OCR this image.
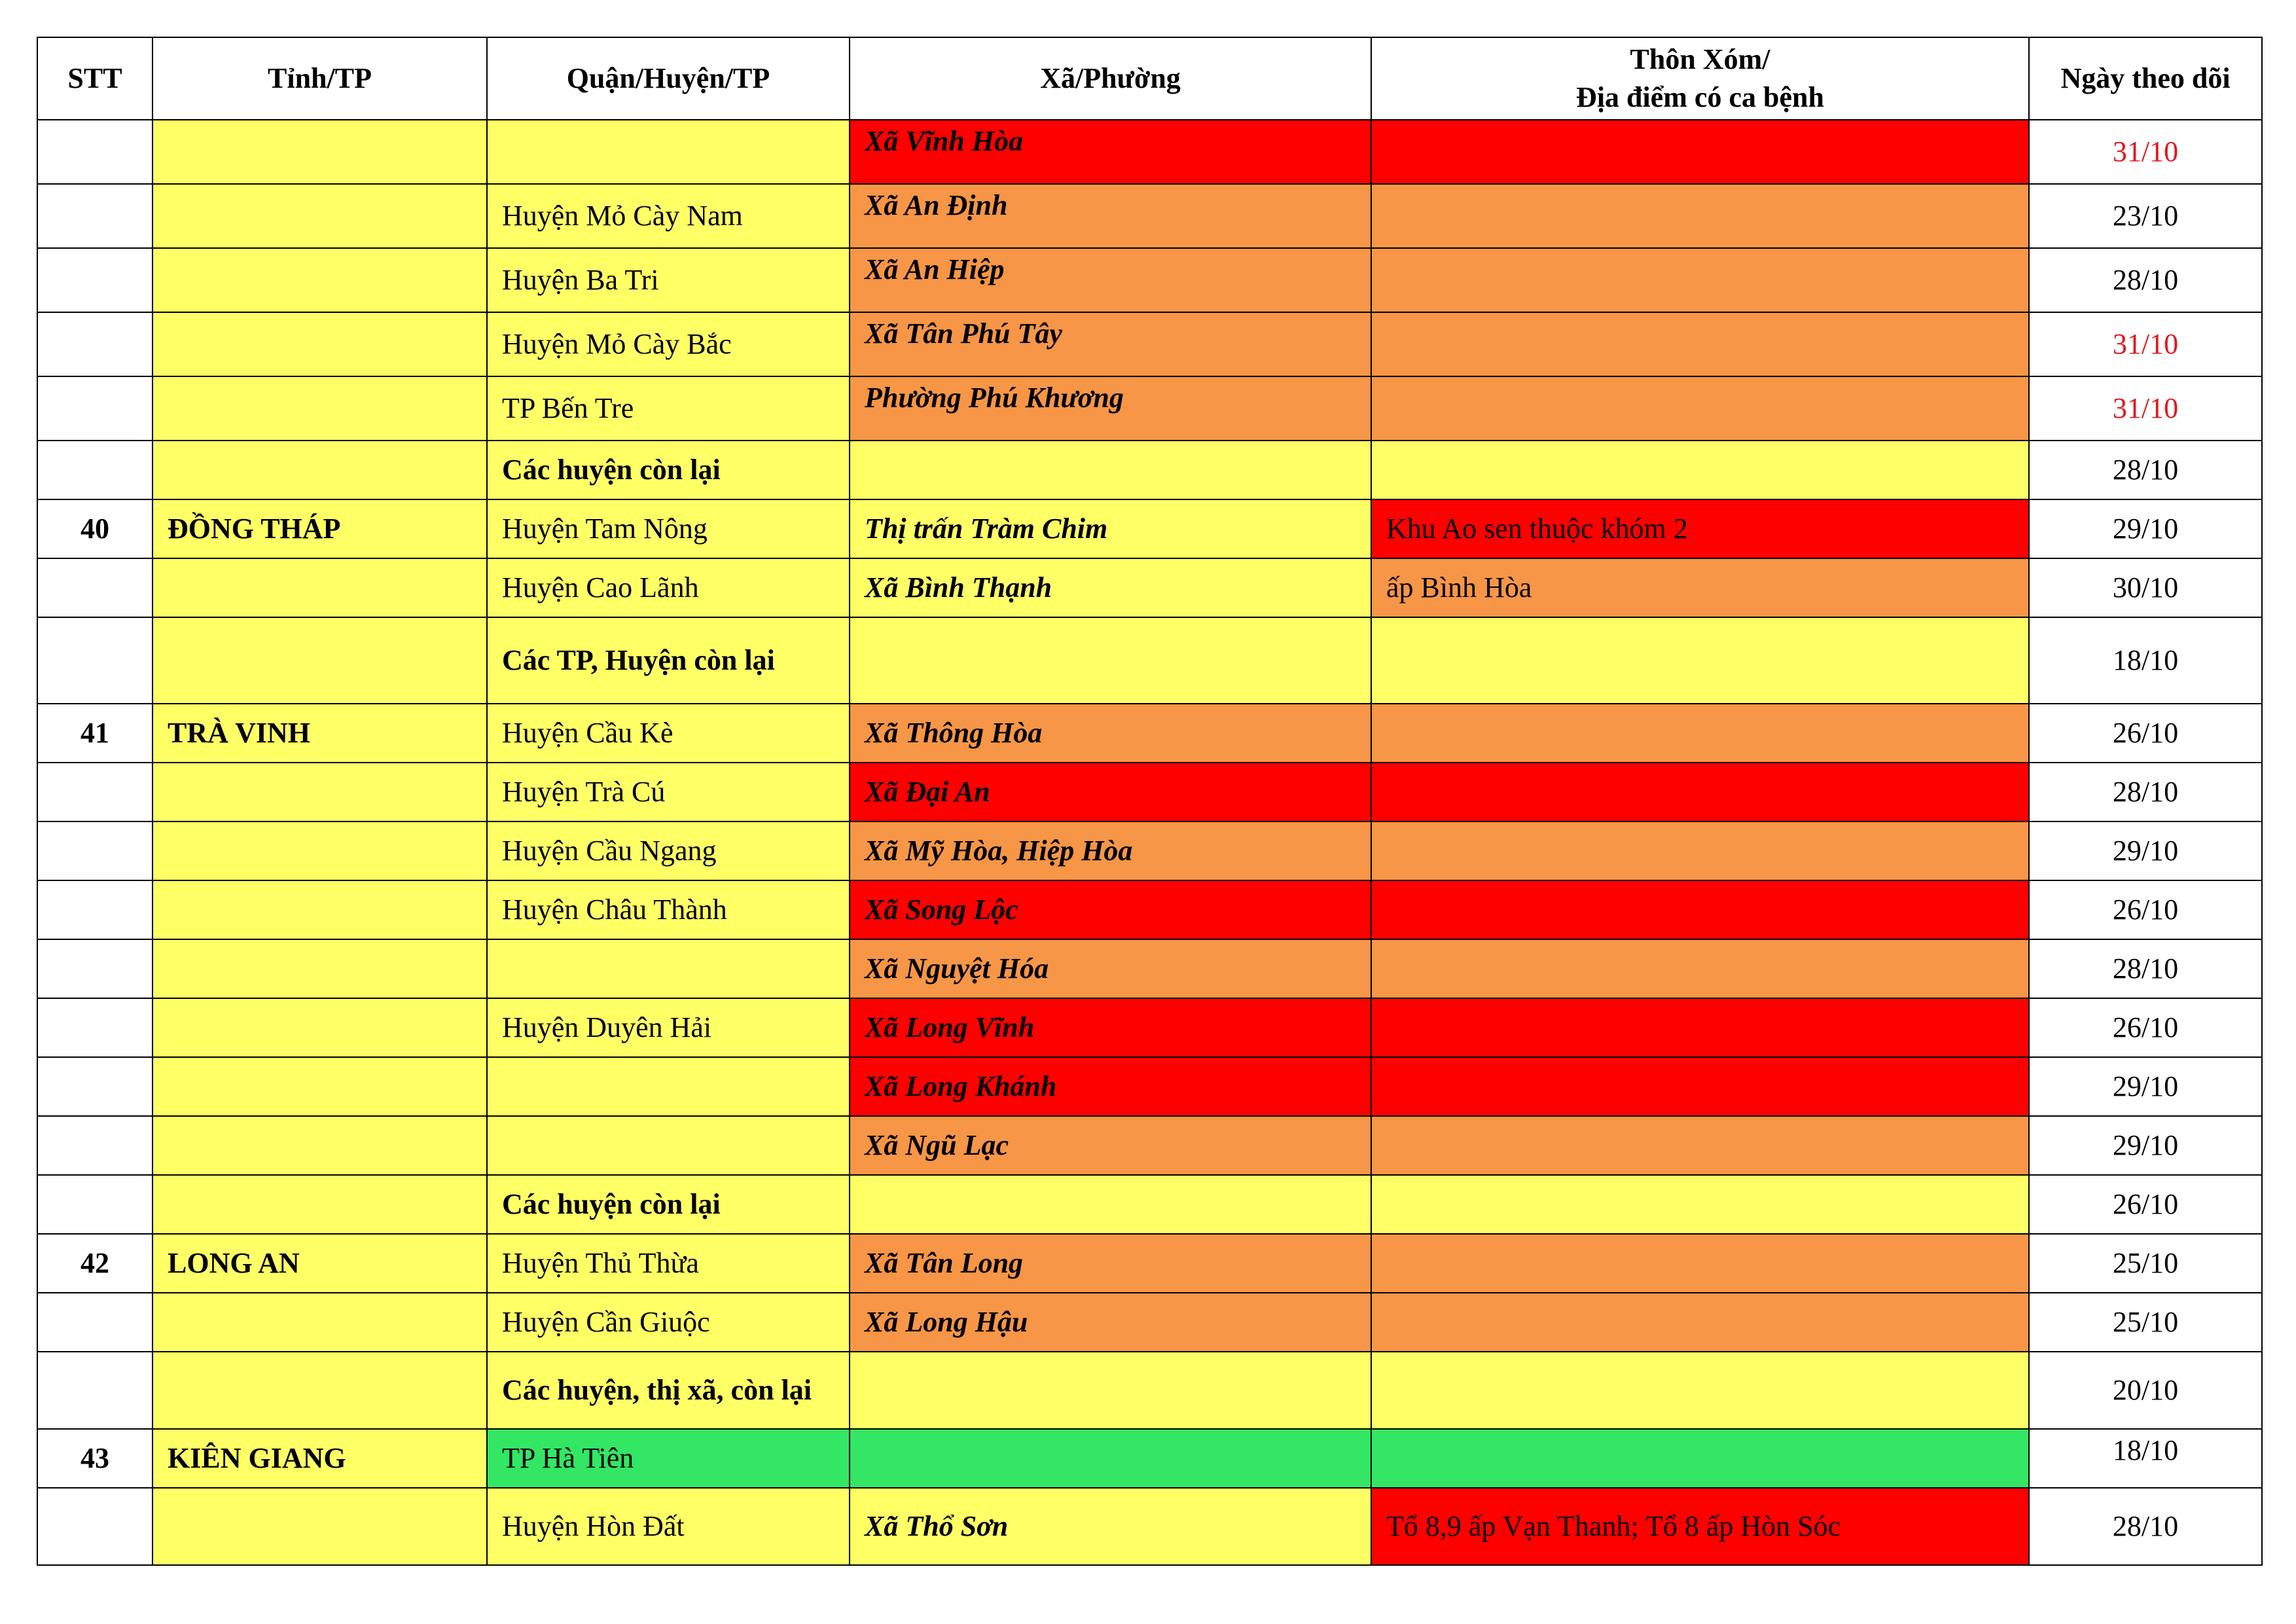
STT	Tỉnh/TP	Quận/Huyện/TP	Xã/Phường	Thôn Xóm/
Địa điểm có ca bệnh	Ngày theo dõi
			Xã Vĩnh Hòa		31/10
		Huyện Mỏ Cày Nam	Xã An Định		23/10
		Huyện Ba Tri	Xã An Hiệp		28/10
		Huyện Mỏ Cày Bắc	Xã Tân Phú Tây		31/10
		TP Bến Tre	Phường Phú Khương		31/10
		Các huyện còn lại			28/10
40	ĐỒNG THÁP	Huyện Tam Nông	Thị trấn Tràm Chim	Khu Ao sen thuộc khóm 2	29/10
		Huyện Cao Lãnh	Xã Bình Thạnh	ấp Bình Hòa	30/10
		Các TP, Huyện còn lại			18/10
41	TRÀ VINH	Huyện Cầu Kè	Xã Thông Hòa		26/10
		Huyện Trà Cú	Xã Đại An		28/10
		Huyện Cầu Ngang	Xã Mỹ Hòa, Hiệp Hòa		29/10
		Huyện Châu Thành	Xã Song Lộc		26/10
			Xã Nguyệt Hóa		28/10
		Huyện Duyên Hải	Xã Long Vĩnh		26/10
			Xã Long Khánh		29/10
			Xã Ngũ Lạc		29/10
		Các huyện còn lại			26/10
42	LONG AN	Huyện Thủ Thừa	Xã Tân Long		25/10
		Huyện Cần Giuộc	Xã Long Hậu		25/10
		Các huyện, thị xã, còn lại			20/10
43	KIÊN GIANG	TP Hà Tiên			18/10
		Huyện Hòn Đất	Xã Thổ Sơn	Tổ 8,9 ấp Vạn Thanh; Tổ 8 ấp Hòn Sóc	28/10
